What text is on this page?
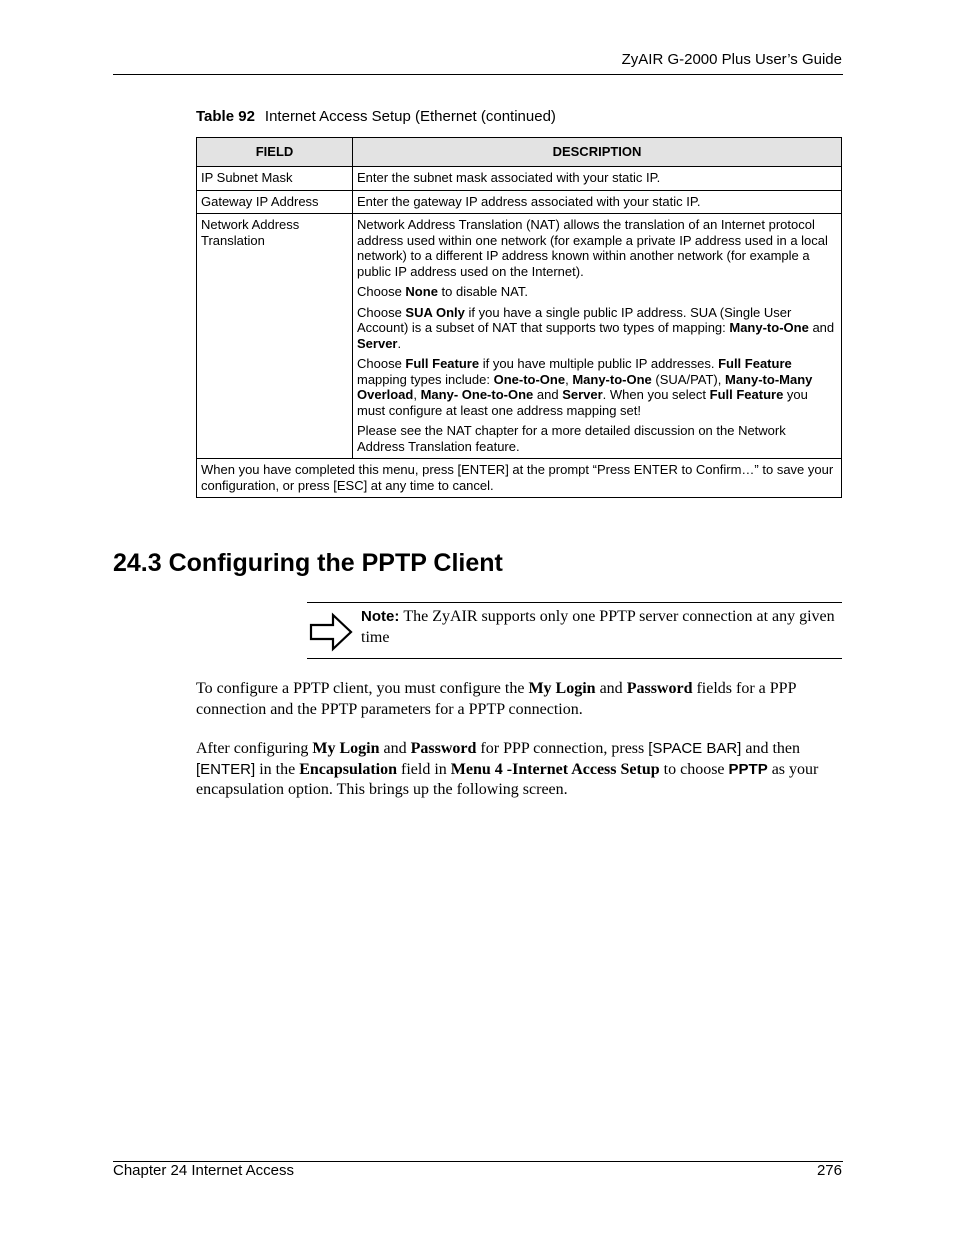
ZyAIR G-2000 Plus User’s Guide
Table 92 Internet Access Setup (Ethernet (continued)
FIELD	DESCRIPTION
IP Subnet Mask	Enter the subnet mask associated with your static IP.
Gateway IP Address	Enter the gateway IP address associated with your static IP.
Network Address Translation	Network Address Translation (NAT) allows the translation of an Internet protocol address used within one network (for example a private IP address used in a local network) to a different IP address known within another network (for example a public IP address used on the Internet).

Choose None to disable NAT.

Choose SUA Only if you have a single public IP address. SUA (Single User Account) is a subset of NAT that supports two types of mapping: Many-to-One and Server.

Choose Full Feature if you have multiple public IP addresses. Full Feature mapping types include: One-to-One, Many-to-One (SUA/PAT), Many-to-Many Overload, Many- One-to-One and Server. When you select Full Feature you must configure at least one address mapping set!

Please see the NAT chapter for a more detailed discussion on the Network Address Translation feature.

When you have completed this menu, press [ENTER] at the prompt “Press ENTER to Confirm…” to save your configuration, or press [ESC] at any time to cancel.	
24.3 Configuring the PPTP Client
Note: The ZyAIR supports only one PPTP server connection at any given time
To configure a PPTP client, you must configure the My Login and Password fields for a PPP connection and the PPTP parameters for a PPTP connection.
After configuring My Login and Password for PPP connection, press [SPACE BAR] and then [ENTER] in the Encapsulation field in Menu 4 -Internet Access Setup to choose PPTP as your encapsulation option. This brings up the following screen.
Chapter 24 Internet Access	276
